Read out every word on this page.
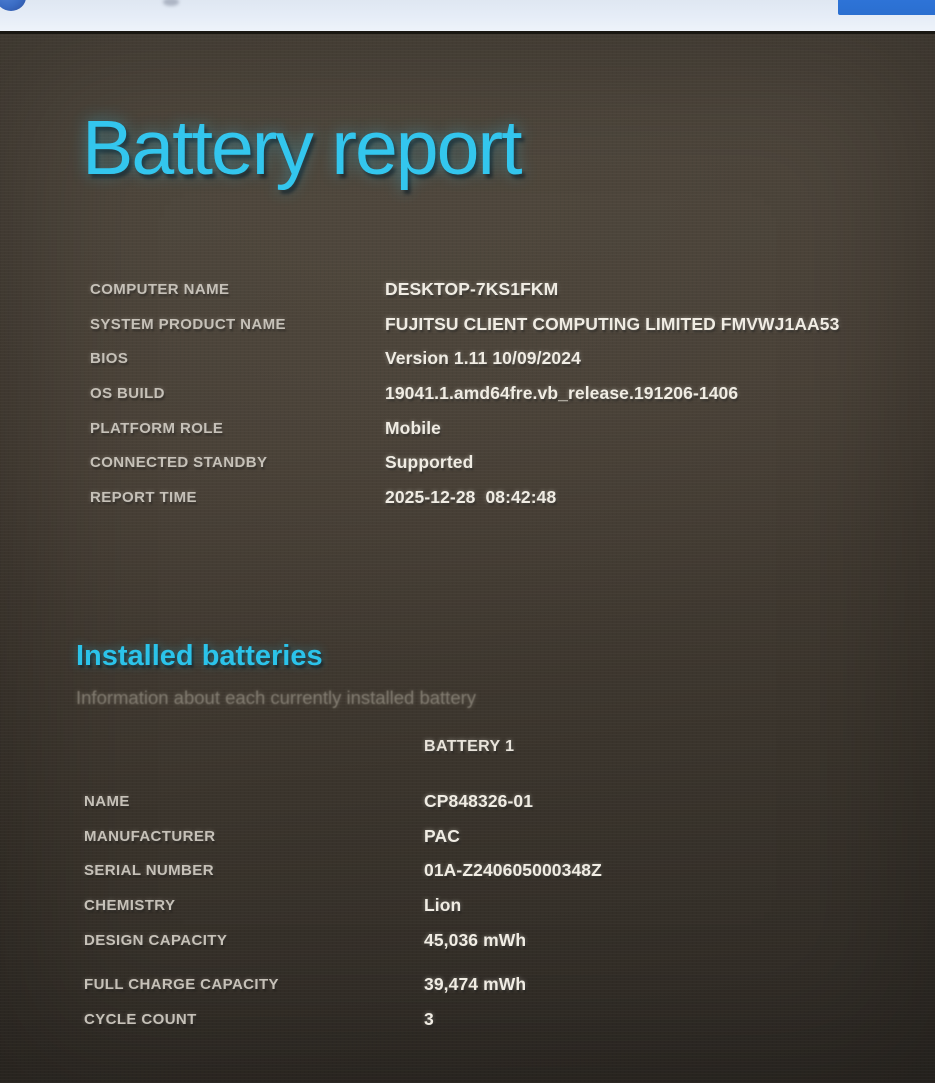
Battery report
COMPUTER NAME	DESKTOP-7KS1FKM
SYSTEM PRODUCT NAME	FUJITSU CLIENT COMPUTING LIMITED FMVWJ1AA53
BIOS	Version 1.11 10/09/2024
OS BUILD	19041.1.amd64fre.vb_release.191206-1406
PLATFORM ROLE	Mobile
CONNECTED STANDBY	Supported
REPORT TIME	2025-12-28  08:42:48
Installed batteries

Information about each currently installed battery

BATTERY 1
NAME	CP848326-01
MANUFACTURER	PAC
SERIAL NUMBER	01A-Z240605000348Z
CHEMISTRY	Lion
DESIGN CAPACITY	45,036 mWh
FULL CHARGE CAPACITY	39,474 mWh
CYCLE COUNT	3
